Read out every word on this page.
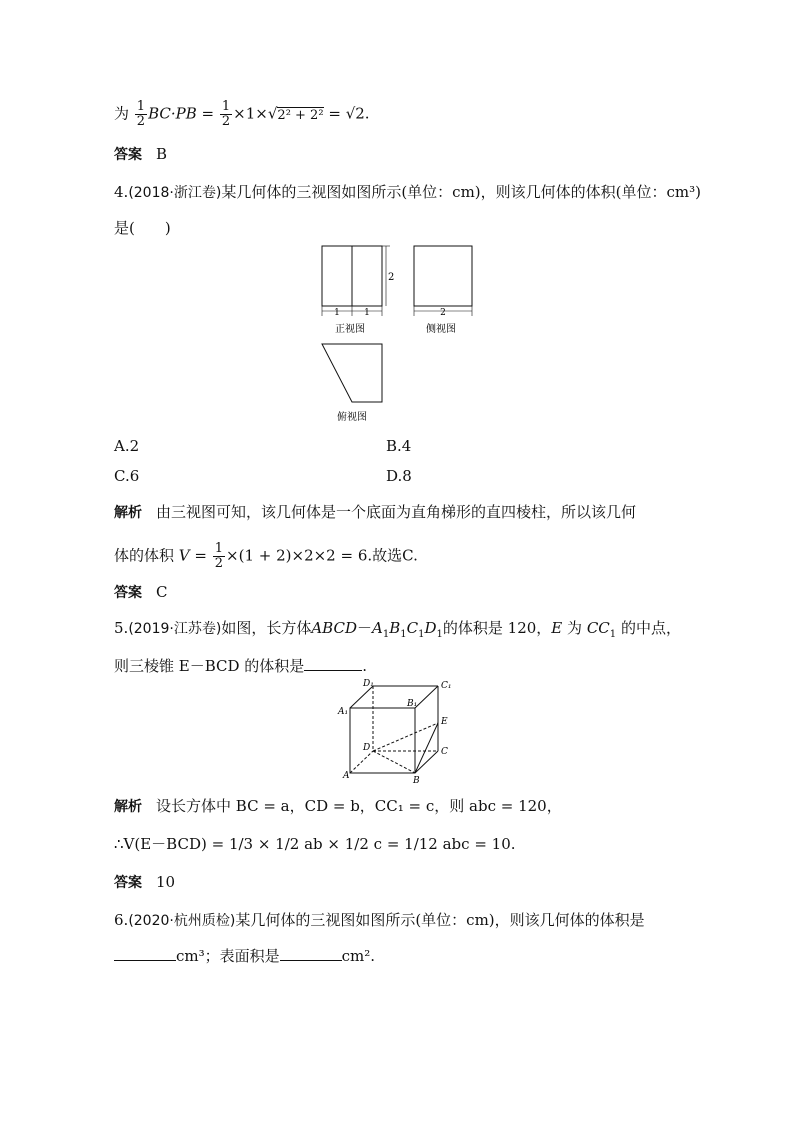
为 $\frac{1}{2} BC\cdot PB = \frac{1}{2} \times 1\times√2^2 + 2^2 = √2$.
答案 B
4.(2018·浙江卷)某几何体的三视图如图所示(单位：cm)，则该几何体的体积(单位：cm³)
是(　　)
1	1
2
正视图
2
侧视图
俯视图
A.2	B.4
C.6	D.8
解析 由三视图可知，该几何体是一个底面为直角梯形的直四棱柱，所以该几何
体的体积 $V = \frac{1}{2} \times(1 + 2)\times 2\times 2 = 6$.故选C.
答案 C
5.(2019·江苏卷)如图，长方体$ABCD-A_1B_1C_1D_1$的体积是 120，E 为 $CC_1$ 的中点，
则三棱锥 E－BCD 的体积是	.
D₁	C₁
A₁
B₁
E
D	C
A	B
解析 设长方体中 BC = a，CD = b，CC₁ = c，则 abc = 120，
∴V(E－BCD) = 1/3 × 1/2 ab × 1/2 c = 1/12 abc = 10.
答案 10
6.(2020·杭州质检)某几何体的三视图如图所示(单位：cm)，则该几何体的体积是
cm³；表面积是	cm².
